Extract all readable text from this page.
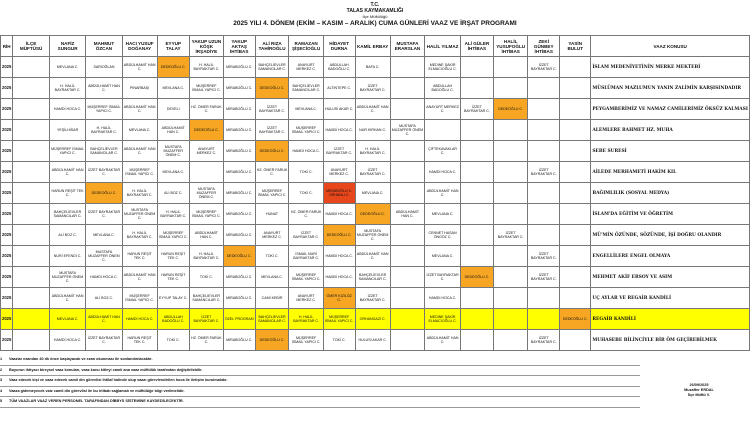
T.C.
TALAS KAYMAKAMLIĞI
İlçe Müftülüğü
2025 YILI 4. DÖNEM (EKİM – KASIM – ARALIK) CUMA GÜNLERİ VAAZ VE İRŞAT PROGRAMI
RİH	İLÇE MÜFTÜSÜ	NAFİZ SUNGUR	MAHMUT ÖZCAN	HACI YUSUF DOĞANAY	EYYUP TALAY	YAKUP UZUN KÖŞK İRŞADİYE	YAKUP AKTAŞ İHTİBAS	ALİ RIZA TAHİROĞLU	RAMAZAN ŞİŞECİOĞLU	HİDAYET DURNA	KAMİL ERBAY	MUSTAFA ERARSLAN	HALİL YILMAZ	ALİ GÜLER İHTİBAS	HALİL YUSUFOĞLU İHTİBAS	ZEKİ GÜNBEY İHTİBAS	YASİN BULUT	VAAZ KONUSU
2025		MEVLANA C.	SARIOĞLAN	ABDÜLHAMİT HAN C.	DEDEOĞLU C.	H. HALİL BAYRAKTAR C.	MİRABOĞLU C.	BAHÇELİEVLER SAMANCILAR C.	ANAYURT MERKEZ C.	ABDULLAH BADOĞLU C.	BAFA C.		MEDINE ŞAKİR ELMACIOĞLU C.			İZZET BAYRAKTAR C.		İSLAM MEDENİYETİNİN MERKE MEKTEBİ
2025		H. HALİL BAYRAKTAR C.	ABDÜLHAMİT HAN C.	PINARBAŞI	MEVLANA C.	MÜŞERREF İSMAİL YAPICI C.	MİRABOĞLU C.	DEDEOĞLU C.	BAHÇELİEVLER SAMANCILAR C.	ALTINTEPE C.	İZZET BAYRAKTAR C.		ABDULLAH BADOĞLU C.					MÜSLÜMAN MAZLUMUN YANIN ZALİMİN KARŞISINDADIR
2025		HAMDİ HOCA C.	MÜŞERREF İSMAİL YAPICI C.	ABDÜLHAMİT HAN C.	DEVELİ	HZ. ÖMER FARUK C.	MİRABOĞLU C.	İZZET BAYRAKTAR C.	MEVLANA C.	HULUSİ AKAR C.	ABDÜLHAMİT HAN C.		ANAYURT MERKEZ C.	İZZET BAYRAKTAR C.	DEDEOĞLU C.			PEYGAMBERİMİZ VE NAMAZ CAMİLERİMİZ ÖKSÜZ KALMASI
2025		YEŞİLHİSAR	H. HALİL BAYRAKTAR C.	MEVLANA C.	ABDÜLHAMİT HAN C.	DEDEOĞLU C.	MİRABOĞLU C.	İZZET BAYRAKTAR C.	MÜŞERREF İSMAİL YAPICI C.	HAMDİ HOCA C.	NUR KIRHAN C.	MUSTAFA MUZAFFER ÖNEM C.						ALEMLERE RAHMET HZ. MUHA
2025		MÜŞERREF İSMAİL YAPICI C.	BAHÇELİEVLER SAMANCILAR C.	ABDÜLHAMİT HAN C.	MUSTAFA MUZAFFER ÖNEM C.	ANAYURT MERKEZ C.	MİRABOĞLU C.	DEDEOĞLU C.	HAMDİ HOCA C.	İZZET BAYRAKTAR C.	H. HALİL BAYRAKTAR C.		ÇIFTEKAVAKLAR C.					SEBE SURESİ
2025		ABDÜLHAMİT HAN C.	İZZET BAYRAKTAR C.	MÜŞERREF İSMAİL YAPICI C.	MEVLANA C.		MİRABOĞLU C.	HZ. ÖMER FARUK C.	TOKİ C.	ANAYURT MERKEZ C.	İZZET BAYRAKTAR C.		HAMDİ HOCA C.			İZZET BAYRAKTAR C.		AİLEDE MERHAMETİ HAKİM KIL
2025		HARUN REŞİT TEK C.	DEDEOĞLU C.	H. HALİL BAYRAKTAR C.	ALİ BOZ C.	MUSTAFA MUZAFFER ÖNEM C.	MİRABOĞLU C.	MÜŞERREF İSMAİL YAPICI C.	TOKİ C.	MİRABOĞLU C. ORHANLI C.	MEVLANA C.		ABDÜLHAMİT HAN C.					BAĞIMLILIK (SOSYAL MEDYA)
2025		BAHÇELİEVLER SAMANCILAR C.	İZZET BAYRAKTAR C.	MUSTAFA MUZAFFER ÖNEM C.	H. HALİL BAYRAKTAR C.	MÜŞERREF İSMAİL YAPICI C.	MİRABOĞLU C.	HUNAT	HZ. ÖMER FARUK C.	HAMDİ HOCA C.	DEDEOĞLU C.	ABDÜLHAMİT HAN C.	MEVLANA C.					İSLAM'DA EĞİTİM VE ÖĞRETİM
2025		ALİ BOZ C.	MEVLANA C.	H. HALİL BAYRAKTAR C.	MÜŞERREF İSMAİL YAPICI C.	ABDÜLHAMİT HAN C.	MİRABOĞLU C.	ANAYURT MERKEZ C.	İZZET BAYRAKTAR C.	DEDEOĞLU C.	MUSTAFA MUZAFFER ÖNEM C.		CENNET HASAN ÖNGÖZ C.		İZZET BAYRAKTAR C.			MÜ'MİN ÖZÜNDE, SÖZÜNDE, İŞİ DOĞRU OLANDIR
2025		NURİ EFENDİ C.	MUSTAFA MUZAFFER ÖNEM C.	HARUN REŞİT TEK C.	HARUN REŞİT TEK C.	H. HALİL BAYRAKTAR C.	DEDEOĞLU C.	TOKİ C.	İSMAİL NURİ BAYRAKTAR C.	HAMDİ HOCA C.	ABDÜLHAMİT HAN C.		MEVLANA C.			İZZET BAYRAKTAR C.		ENGELLİLERE ENGEL OLMAYA
2025		MUSTAFA MUZAFFER ÖNEM C.	HAMDİ HOCA C.	ABDÜLHAMİT HAN C.	HARUN REŞİT TEK C.	TOKİ C.	MİRABOĞLU C.	MEVLANA C.	MÜŞERREF İSMAİL YAPICI C.	HAMDİ HOCA C.	BAHÇELİEVLER SAMANCILAR C.		İZZET BAYRAKTAR C.	DEDEOĞLU C.		İZZET BAYRAKTAR C.		MEHMET AKİF ERSOY VE ASIM
2025		ABDÜLHAMİT HAN C.	ALİ BOZ C.	MÜŞERREF İSMAİL YAPICI C.	EYYUP TALAY C.	BAHÇELİEVLER SAMANCILAR C.	MİRABOĞLU C.	CAMİ KEBİR	ANAYURT MERKEZ C.	ÖMER KIZILÖZ C.	İZZET BAYRAKTAR C.		HAMDİ HOCA C.					UÇ AYLAR VE REGAİB KANDİLİ
2025		MEVLANA C.	ABDÜLHAMİT HAN C.	HAMDİ HOCA C.	ABDULLAH BADOĞLU C.	İZZET BAYRAKTAR C.	ÖZEL PROGRAM	BAHÇELİEVLER SAMANCILAR C.	H. HALİL BAYRAKTAR C.	MÜŞERREF İSMAİL YAPICI C.	ORHANGAZİ C.		MEDINE ŞAKİR ELMACIOĞLU C.				DEDEOĞLU C.	REGAİB KANDİLİ
2025		HAMDİ HOCA C.	İZZET BAYRAKTAR C.	HARUN REŞİT TEK C.	TOKİ C.	HZ. ÖMER FARUK C.	MİRABOĞLU C.	DEDEOĞLU C.	MÜŞERREF İSMAİL YAPICI C.	TOKİ C.	HULUSİ AKAR C.		ABDÜLHAMİT HAN C.			İZZET BAYRAKTAR C.		MUHASEBE BİLİNCİYLE BİR ÖM GEÇİREBİLMEK
1	Vaazlar ezandan 40 dk önce başlayacak ve ezan okunması ile sonlandırılacaktır.
2	Buyurun ihtiyacı bireysel vaaz konuları, vaaz konu kitleyi camii ana vaaz müftülük tarafından değiştirilebilir.
3	Vaaz edecek kişi ve vaaz edecek camii din görevlisi ihtilaf halinde olup vaazı görevlendirilen hoca ile iletişim kurulmalıdır.
4	Vaaza gidemeyecek vaiz camii din görevlisi ile bu irtibatı sağlamalı ve müftülüğe bilgi verilmelidir.
5	TÜM VAAZLAR VAAZ VEREN PERSONEL TARAFINDAN DİBBYS SİSTEMİNE KAYDEDİLECEKTİR.
26/09/2025
Muzaffer ERDAL
İlçe Müftü V.
